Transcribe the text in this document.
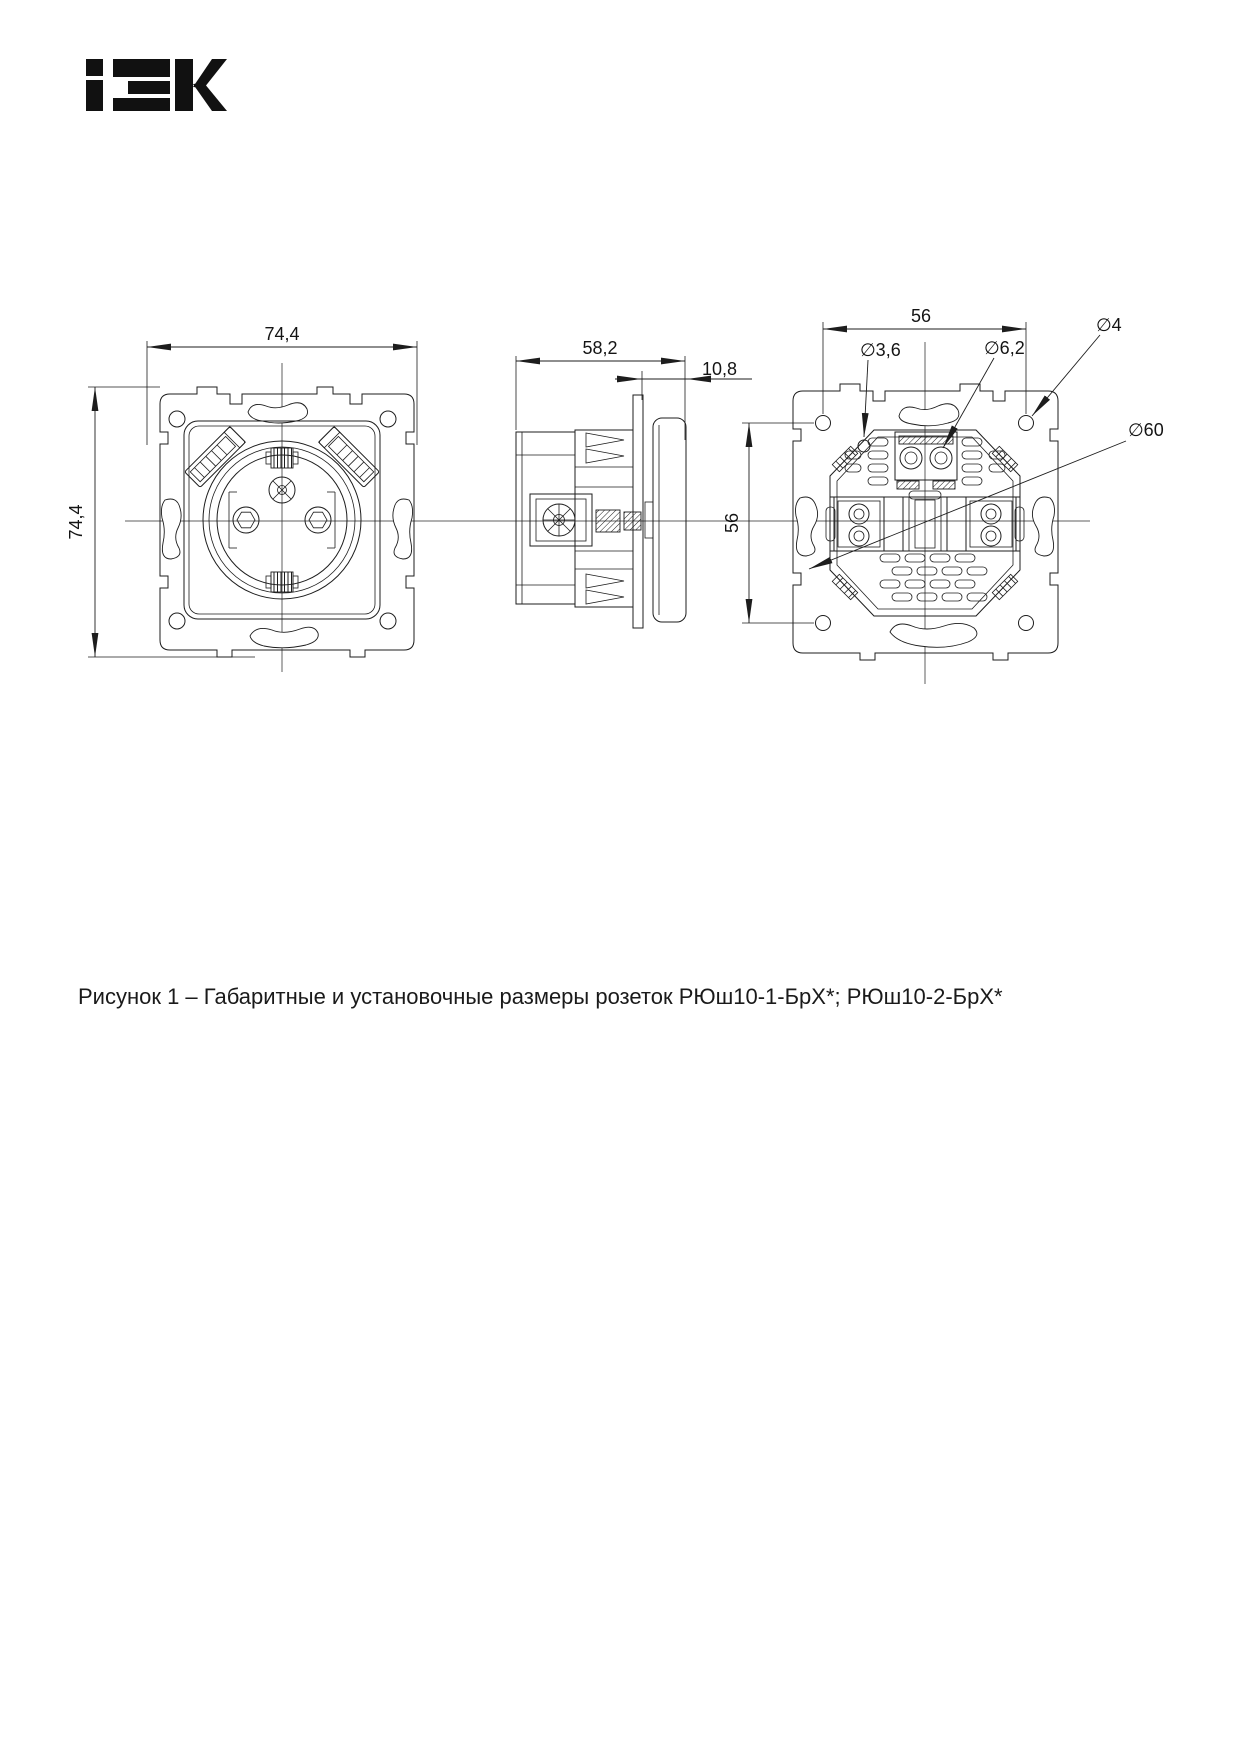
74,4
74,4
58,2
10,8
56
56
∅3,6	∅6,2
∅4
∅60
Рисунок 1 – Габаритные и установочные размеры розеток РЮш10-1-БрХ*; РЮш10-2-БрХ*
